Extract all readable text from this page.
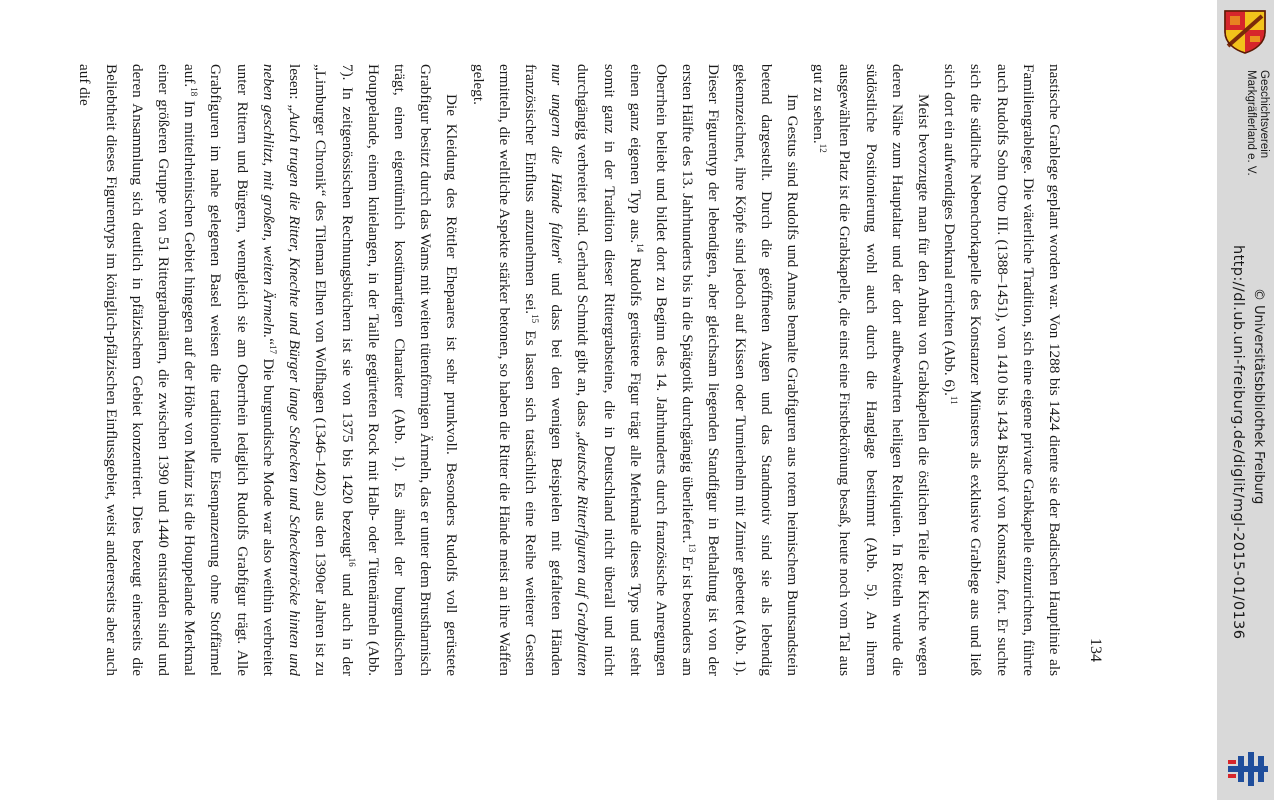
nastische Grablege geplant worden war. Von 1288 bis 1424 diente sie der Badischen Hauptlinie als Familiengrablege. Die väterliche Tradition, sich eine eigene private Grabkapelle einzurichten, führte auch Rudolfs Sohn Otto III. (1388–1451), von 1410 bis 1434 Bischof von Konstanz, fort. Er suchte sich die südliche Nebenchorkapelle des Konstanzer Münsters als exklusive Grablege aus und ließ sich dort ein aufwendiges Denkmal errichten (Abb. 6).$^{11}$

Meist bevorzugte man für den Anbau von Grabkapellen die östlichen Teile der Kirche wegen deren Nähe zum Hauptaltar und der dort aufbewahrten heiligen Reliquien. In Rötteln wurde die südöstliche Positionierung wohl auch durch die Hanglage bestimmt (Abb. 5). An ihrem ausgewählten Platz ist die Grabkapelle, die einst eine Firstbekrönung besaß, heute noch vom Tal aus gut zu sehen.$^{12}$

Im Gestus sind Rudolfs und Annas bemalte Grabfiguren aus rotem heimischem Buntsandstein betend dargestellt. Durch die geöffneten Augen und das Standmotiv sind sie als lebendig gekennzeichnet, ihre Köpfe sind jedoch auf Kissen oder Turnierhelm mit Zimier gebettet (Abb. 1). Dieser Figurentyp der lebendigen, aber gleichsam liegenden Standfigur in Bethaltung ist von der ersten Hälfte des 13. Jahrhunderts bis in die Spätgotik durchgängig überliefert.$^{13}$ Er ist besonders am Oberrhein beliebt und bildet dort zu Beginn des 14. Jahrhunderts durch französische Anregungen einen ganz eigenen Typ aus.$^{14}$ Rudolfs gerüstete Figur trägt alle Merkmale dieses Typs und steht somit ganz in der Tradition dieser Rittergrabsteine, die in Deutschland nicht überall und nicht durchgängig verbreitet sind. Gerhard Schmidt gibt an, dass „deutsche Ritterfiguren auf Grabplatten nur ungern die Hände falten“ und dass bei den wenigen Beispielen mit gefalteten Händen französischer Einfluss anzunehmen sei.$^{15}$ Es lassen sich tatsächlich eine Reihe weiterer Gesten ermitteln, die weltliche Aspekte stärker betonen, so haben die Ritter die Hände meist an ihre Waffen gelegt.

Die Kleidung des Röttler Ehepaares ist sehr prunkvoll. Besonders Rudolfs voll gerüstete Grabfigur besitzt durch das Wams mit weiten tütenförmigen Ärmeln, das er unter dem Brustharnisch trägt, einen eigentümlich kostümartigen Charakter (Abb. 1). Es ähnelt der burgundischen Houppelande, einem knielangen, in der Taille gegürteten Rock mit Halb- oder Tütenärmeln (Abb. 7). In zeitgenössischen Rechnungsbüchern ist sie von 1375 bis 1420 bezeugt$^{16}$ und auch in der „Limburger Chronik“ des Tileman Elhen von Wolfhagen (1346–1402) aus den 1390er Jahren ist zu lesen: „Auch trugen die Ritter, Knechte und Bürger lange Schecken und Scheckenröcke hinten und neben geschlitzt, mit großen, weiten Ärmeln.“$^{17}$ Die burgundische Mode war also weithin verbreitet unter Rittern und Bürgern, wenngleich sie am Oberrhein lediglich Rudolfs Grabfigur trägt. Alle Grabfiguren im nahe gelegenen Basel weisen die traditionelle Eisenpanzerung ohne Stoffärmel auf.$^{18}$ Im mittelrheinischen Gebiet hingegen auf der Höhe von Mainz ist die Houppelande Merkmal einer größeren Gruppe von 51 Rittergrabmälern, die zwischen 1390 und 1440 entstanden sind und deren Ansammlung sich deutlich in pfälzischem Gebiet konzentriert. Dies bezeugt einerseits die Beliebtheit dieses Figurentyps im königlich-pfälzischen Einflussgebiet, weist andererseits aber auch auf die

134
http://dl.ub.uni-freiburg.de/diglit/mgl-2015-01/0136 © Universitätsbibliothek Freiburg
Geschichtsverein
Markgräflerland e. V.
